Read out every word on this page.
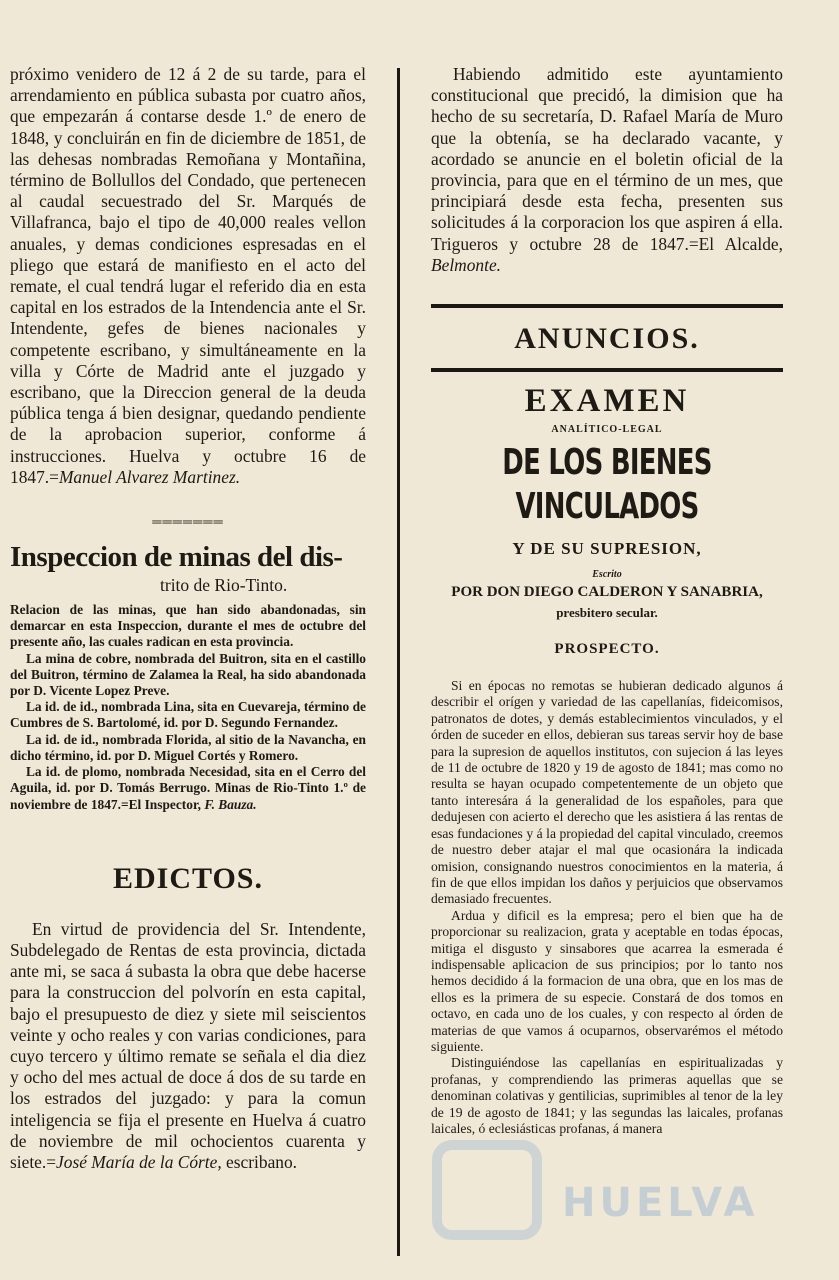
próximo venidero de 12 á 2 de su tarde, para el arrendamiento en pública subasta por cuatro años, que empezarán á contarse desde 1.º de enero de 1848, y concluirán en fin de diciembre de 1851, de las dehesas nombradas Remoñana y Montañina, término de Bollullos del Condado, que pertenecen al caudal secuestrado del Sr. Marqués de Villafranca, bajo el tipo de 40,000 reales vellon anuales, y demas condiciones espresadas en el pliego que estará de manifiesto en el acto del remate, el cual tendrá lugar el referido dia en esta capital en los estrados de la Intendencia ante el Sr. Intendente, gefes de bienes nacionales y competente escribano, y simultáneamente en la villa y Córte de Madrid ante el juzgado y escribano, que la Direccion general de la deuda pública tenga á bien designar, quedando pendiente de la aprobacion superior, conforme á instrucciones. Huelva y octubre 16 de 1847.=Manuel Alvarez Martinez.

═══════
Inspeccion de minas del dis-
trito de Rio-Tinto.

Relacion de las minas, que han sido abandonadas, sin demarcar en esta Inspeccion, durante el mes de octubre del presente año, las cuales radican en esta provincia.

La mina de cobre, nombrada del Buitron, sita en el castillo del Buitron, término de Zalamea la Real, ha sido abandonada por D. Vicente Lopez Preve.

La id. de id., nombrada Lina, sita en Cuevareja, término de Cumbres de S. Bartolomé, id. por D. Segundo Fernandez.

La id. de id., nombrada Florida, al sitio de la Navancha, en dicho término, id. por D. Miguel Cortés y Romero.

La id. de plomo, nombrada Necesidad, sita en el Cerro del Aguila, id. por D. Tomás Berrugo. Minas de Rio-Tinto 1.º de noviembre de 1847.=El Inspector, F. Bauza.

EDICTOS.

En virtud de providencia del Sr. Intendente, Subdelegado de Rentas de esta provincia, dictada ante mi, se saca á subasta la obra que debe hacerse para la construccion del polvorín en esta capital, bajo el presupuesto de diez y siete mil seiscientos veinte y ocho reales y con varias condiciones, para cuyo tercero y último remate se señala el dia diez y ocho del mes actual de doce á dos de su tarde en los estrados del juzgado: y para la comun inteligencia se fija el presente en Huelva á cuatro de noviembre de mil ochocientos cuarenta y siete.=José María de la Córte, escribano.

Habiendo admitido este ayuntamiento constitucional que precidó, la dimision que ha hecho de su secretaría, D. Rafael María de Muro que la obtenía, se ha declarado vacante, y acordado se anuncie en el boletin oficial de la provincia, para que en el término de un mes, que principiará desde esta fecha, presenten sus solicitudes á la corporacion los que aspiren á ella. Trigueros y octubre 28 de 1847.=El Alcalde, Belmonte.

ANUNCIOS.
EXAMEN
ANALÍTICO-LEGAL
DE LOS BIENES VINCULADOS
Y DE SU SUPRESION,
Escrito
POR DON DIEGO CALDERON Y SANABRIA,
presbitero secular.
PROSPECTO.

Si en épocas no remotas se hubieran dedicado algunos á describir el orígen y variedad de las capellanías, fideicomisos, patronatos de dotes, y demás establecimientos vinculados, y el órden de suceder en ellos, debieran sus tareas servir hoy de base para la supresion de aquellos institutos, con sujecion á las leyes de 11 de octubre de 1820 y 19 de agosto de 1841; mas como no resulta se hayan ocupado competentemente de un objeto que tanto interesára á la generalidad de los españoles, para que dedujesen con acierto el derecho que les asistiera á las rentas de esas fundaciones y á la propiedad del capital vinculado, creemos de nuestro deber atajar el mal que ocasionára la indicada omision, consignando nuestros conocimientos en la materia, á fin de que ellos impidan los daños y perjuicios que observamos demasiado frecuentes.

Ardua y dificil es la empresa; pero el bien que ha de proporcionar su realizacion, grata y aceptable en todas épocas, mitiga el disgusto y sinsabores que acarrea la esmerada é indispensable aplicacion de sus principios; por lo tanto nos hemos decidido á la formacion de una obra, que en los mas de ellos es la primera de su especie. Constará de dos tomos en octavo, en cada uno de los cuales, y con respecto al órden de materias de que vamos á ocuparnos, observarémos el método siguiente.

Distinguiéndose las capellanías en espiritualizadas y profanas, y comprendiendo las primeras aquellas que se denominan colativas y gentilicias, suprimibles al tenor de la ley de 19 de agosto de 1841; y las segundas las laicales, profanas laicales, ó eclesiásticas profanas, á manera

HUELVA
